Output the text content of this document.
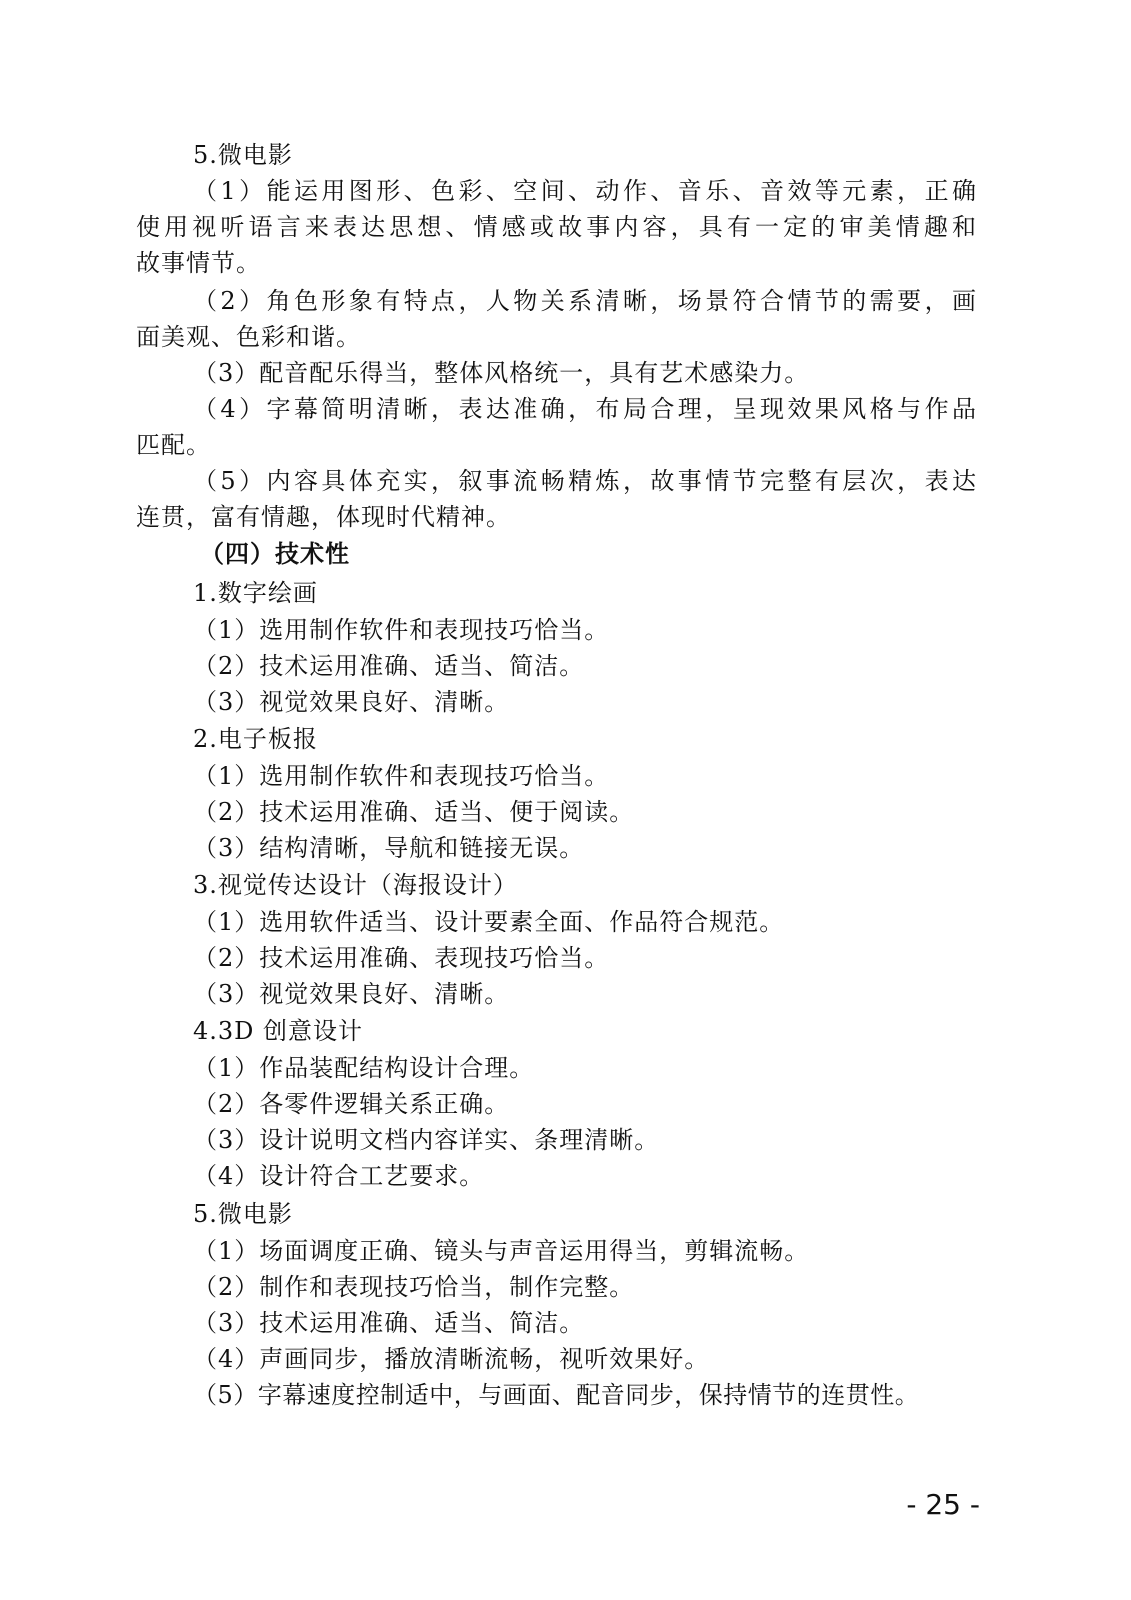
5.微电影
（1）能运用图形、色彩、空间、动作、音乐、音效等元素，正确
使用视听语言来表达思想、情感或故事内容，具有一定的审美情趣和
故事情节。
（2）角色形象有特点，人物关系清晰，场景符合情节的需要，画
面美观、色彩和谐。
（3）配音配乐得当，整体风格统一，具有艺术感染力。
（4）字幕简明清晰，表达准确，布局合理，呈现效果风格与作品
匹配。
（5）内容具体充实，叙事流畅精炼，故事情节完整有层次，表达
连贯，富有情趣，体现时代精神。
（四）技术性
1.数字绘画
（1）选用制作软件和表现技巧恰当。
（2）技术运用准确、适当、简洁。
（3）视觉效果良好、清晰。
2.电子板报
（1）选用制作软件和表现技巧恰当。
（2）技术运用准确、适当、便于阅读。
（3）结构清晰，导航和链接无误。
3.视觉传达设计（海报设计）
（1）选用软件适当、设计要素全面、作品符合规范。
（2）技术运用准确、表现技巧恰当。
（3）视觉效果良好、清晰。
4.3D 创意设计
（1）作品装配结构设计合理。
（2）各零件逻辑关系正确。
（3）设计说明文档内容详实、条理清晰。
（4）设计符合工艺要求。
5.微电影
（1）场面调度正确、镜头与声音运用得当，剪辑流畅。
（2）制作和表现技巧恰当，制作完整。
（3）技术运用准确、适当、简洁。
（4）声画同步，播放清晰流畅，视听效果好。
（5）字幕速度控制适中，与画面、配音同步，保持情节的连贯性。
- 25 -
